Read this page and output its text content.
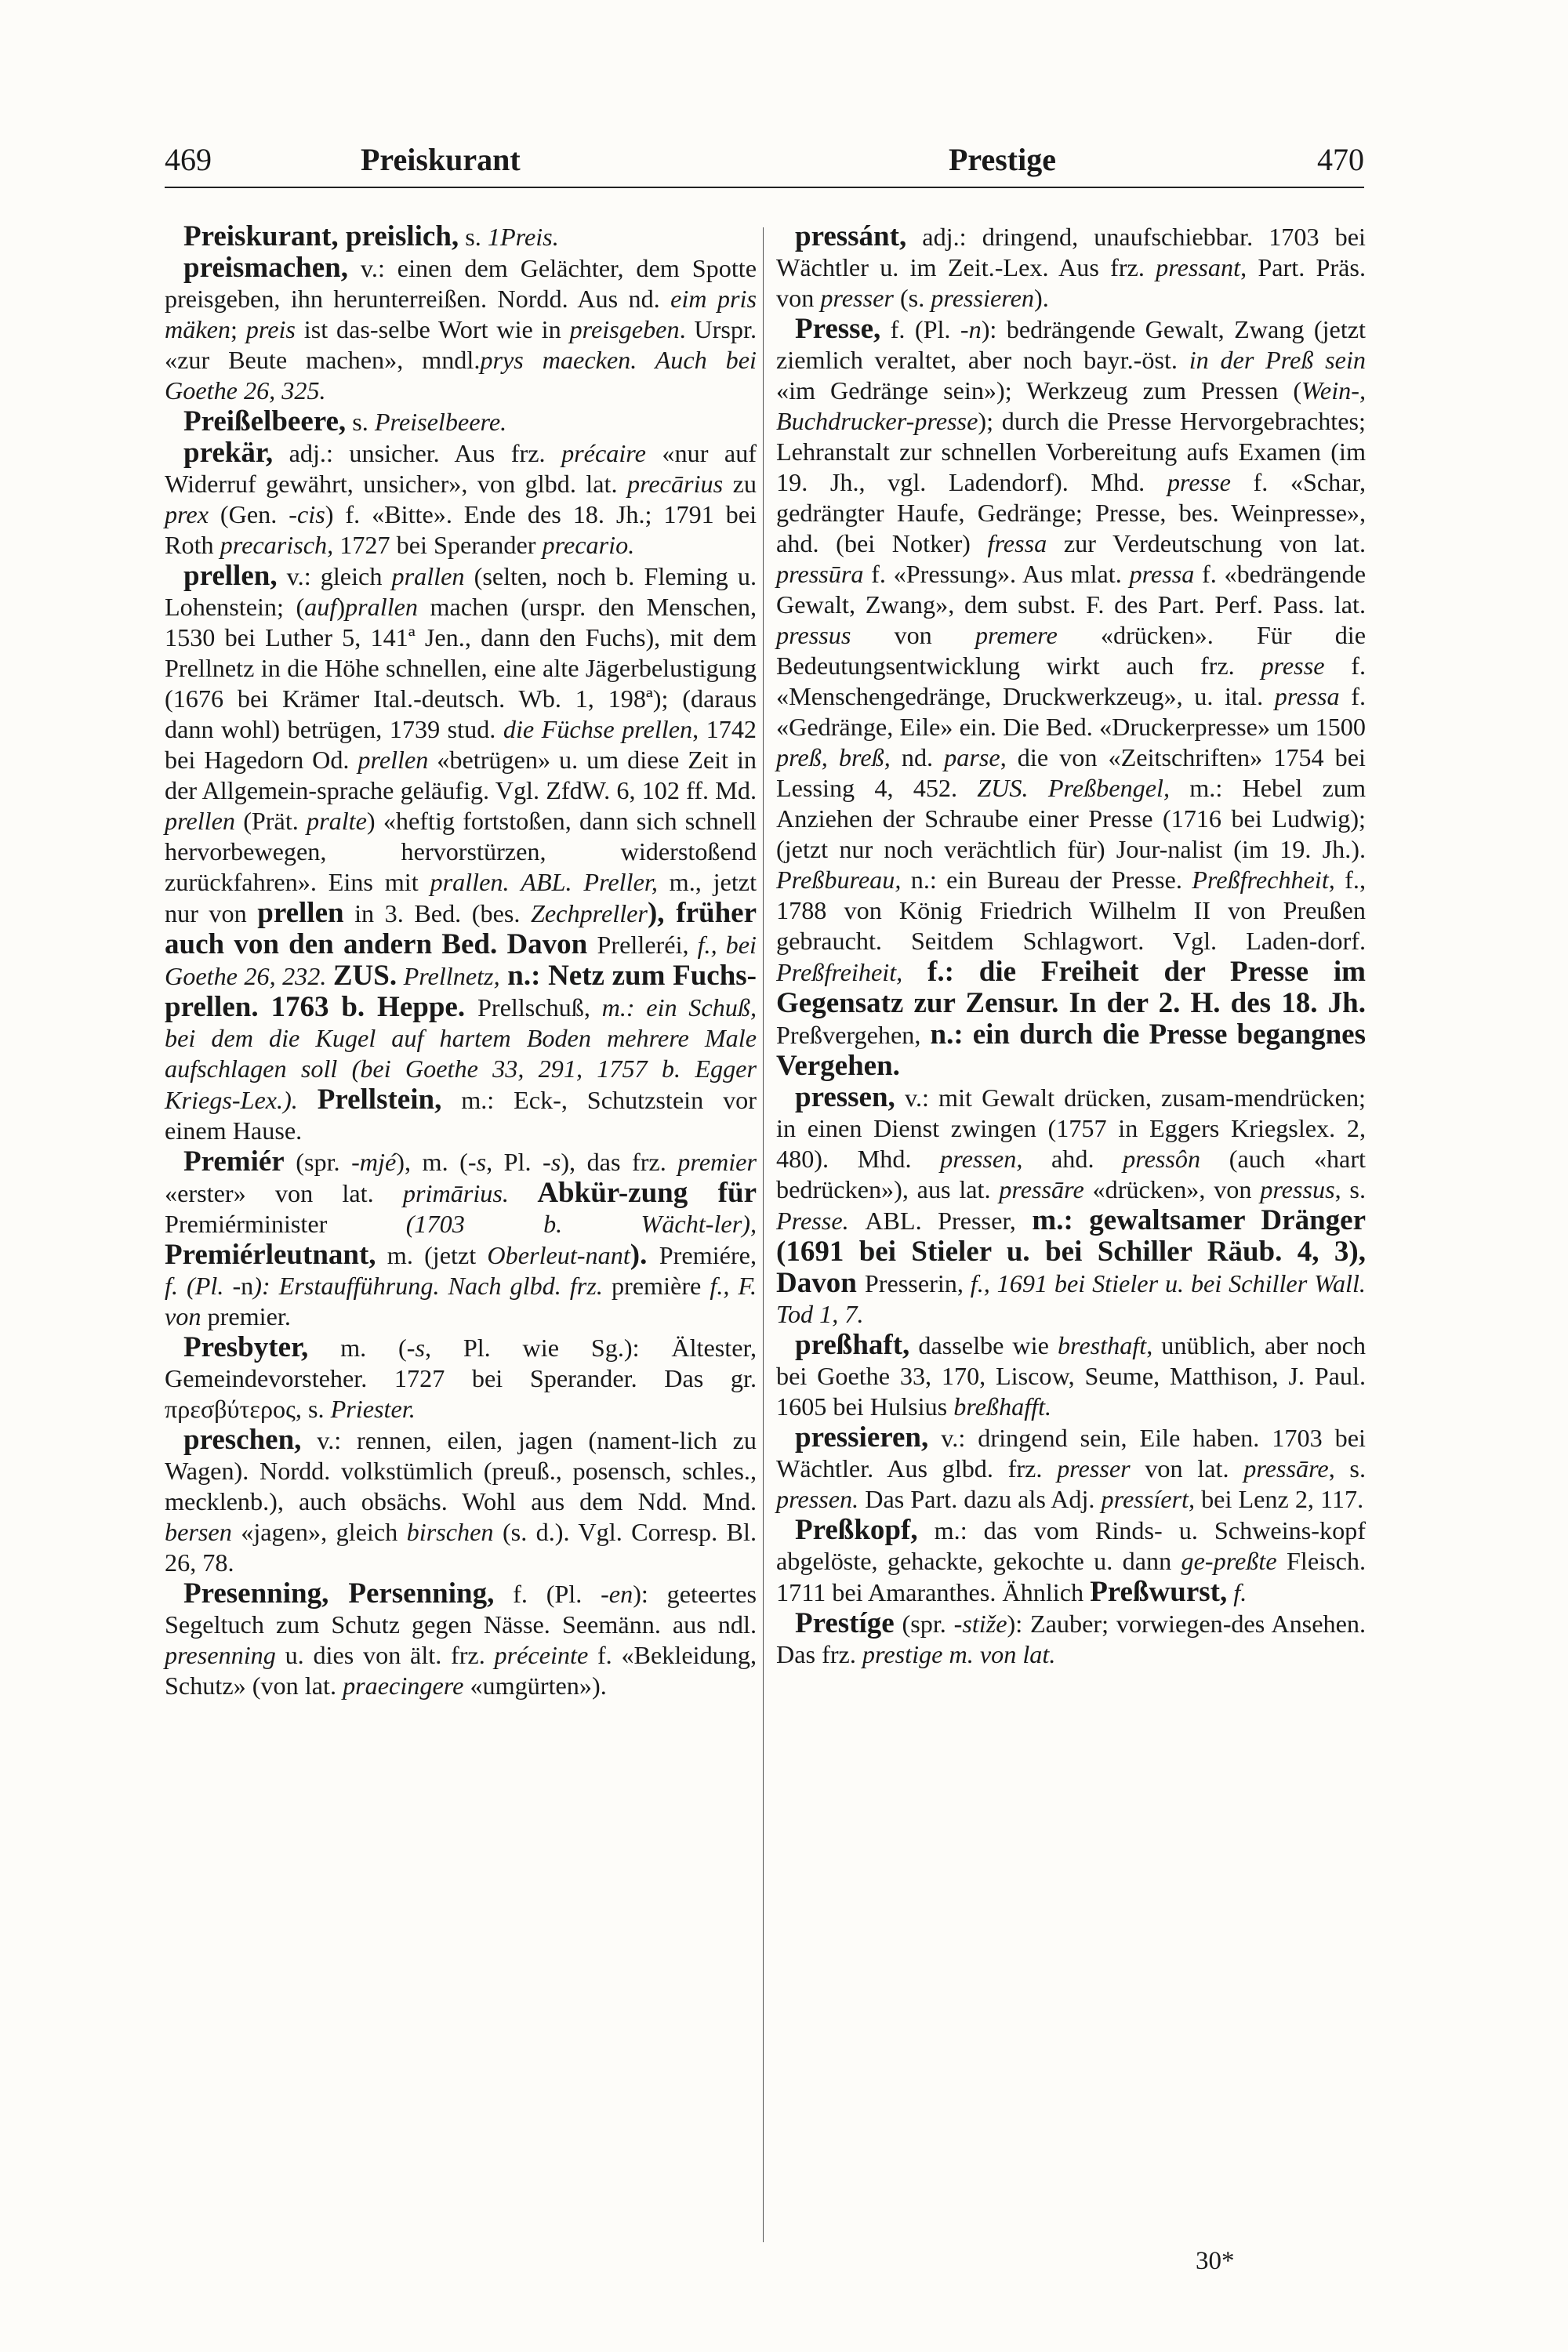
469	Preiskurant	Prestige	470

Preiskurant, preislich, s. 1Preis.

preismachen, v.: einen dem Gelächter, dem Spotte preisgeben, ihn herunterreißen. Nordd. Aus nd. eim pris mäken; preis ist das-selbe Wort wie in preisgeben. Urspr. «zur Beute machen», mndl.prys maecken. Auch bei Goethe 26, 325.

Preißelbeere, s. Preiselbeere.

prekär, adj.: unsicher. Aus frz. précaire «nur auf Widerruf gewährt, unsicher», von glbd. lat. precārius zu prex (Gen. -cis) f. «Bitte». Ende des 18. Jh.; 1791 bei Roth precarisch, 1727 bei Sperander precario.

prellen, v.: gleich prallen (selten, noch b. Fleming u. Lohenstein; (auf)prallen machen (urspr. den Menschen, 1530 bei Luther 5, 141ª Jen., dann den Fuchs), mit dem Prellnetz in die Höhe schnellen, eine alte Jägerbelustigung (1676 bei Krämer Ital.-deutsch. Wb. 1, 198ª); (daraus dann wohl) betrügen, 1739 stud. die Füchse prellen, 1742 bei Hagedorn Od. prellen «betrügen» u. um diese Zeit in der Allgemein-sprache geläufig. Vgl. ZfdW. 6, 102 ff. Md. prellen (Prät. pralte) «heftig fortstoßen, dann sich schnell hervorbewegen, hervorstürzen, widerstoßend zurückfahren». Eins mit prallen. ABL. Preller, m., jetzt nur von prellen in 3. Bed. (bes. Zechpreller), früher auch von den andern Bed. Davon Prelleréi, f., bei Goethe 26, 232. ZUS. Prellnetz, n.: Netz zum Fuchs-prellen. 1763 b. Heppe. Prellschuß, m.: ein Schuß, bei dem die Kugel auf hartem Boden mehrere Male aufschlagen soll (bei Goethe 33, 291, 1757 b. Egger Kriegs-Lex.). Prellstein, m.: Eck-, Schutzstein vor einem Hause.

Premiér (spr. -mjé), m. (-s, Pl. -s), das frz. premier «erster» von lat. primārius. Abkür-zung für Premiérminister (1703 b. Wächt-ler), Premiérleutnant, m. (jetzt Oberleut-nant). Premiére, f. (Pl. -n): Erstaufführung. Nach glbd. frz. première f., F. von premier.

Presbyter, m. (-s, Pl. wie Sg.): Ältester, Gemeindevorsteher. 1727 bei Sperander. Das gr. πρεσβύτερος, s. Priester.

preschen, v.: rennen, eilen, jagen (nament-lich zu Wagen). Nordd. volkstümlich (preuß., posensch, schles., mecklenb.), auch obsächs. Wohl aus dem Ndd. Mnd. bersen «jagen», gleich birschen (s. d.). Vgl. Corresp. Bl. 26, 78.

Presenning, Persenning, f. (Pl. -en): geteertes Segeltuch zum Schutz gegen Nässe. Seemänn. aus ndl. presenning u. dies von ält. frz. préceinte f. «Bekleidung, Schutz» (von lat. praecingere «umgürten»).

pressánt, adj.: dringend, unaufschiebbar. 1703 bei Wächtler u. im Zeit.-Lex. Aus frz. pressant, Part. Präs. von presser (s. pressieren).

Presse, f. (Pl. -n): bedrängende Gewalt, Zwang (jetzt ziemlich veraltet, aber noch bayr.-öst. in der Preß sein «im Gedränge sein»); Werkzeug zum Pressen (Wein-, Buchdrucker-presse); durch die Presse Hervorgebrachtes; Lehranstalt zur schnellen Vorbereitung aufs Examen (im 19. Jh., vgl. Ladendorf). Mhd. presse f. «Schar, gedrängter Haufe, Gedränge; Presse, bes. Weinpresse», ahd. (bei Notker) fressa zur Verdeutschung von lat. pressūra f. «Pressung». Aus mlat. pressa f. «bedrängende Gewalt, Zwang», dem subst. F. des Part. Perf. Pass. lat. pressus von premere «drücken». Für die Bedeutungsentwicklung wirkt auch frz. presse f. «Menschengedränge, Druckwerkzeug», u. ital. pressa f. «Gedränge, Eile» ein. Die Bed. «Druckerpresse» um 1500 preß, breß, nd. parse, die von «Zeitschriften» 1754 bei Lessing 4, 452. ZUS. Preßbengel, m.: Hebel zum Anziehen der Schraube einer Presse (1716 bei Ludwig); (jetzt nur noch verächtlich für) Jour-nalist (im 19. Jh.). Preßbureau, n.: ein Bureau der Presse. Preßfrechheit, f., 1788 von König Friedrich Wilhelm II von Preußen gebraucht. Seitdem Schlagwort. Vgl. Laden-dorf. Preßfreiheit, f.: die Freiheit der Presse im Gegensatz zur Zensur. In der 2. H. des 18. Jh. Preßvergehen, n.: ein durch die Presse begangnes Vergehen.

pressen, v.: mit Gewalt drücken, zusam-mendrücken; in einen Dienst zwingen (1757 in Eggers Kriegslex. 2, 480). Mhd. pressen, ahd. pressôn (auch «hart bedrücken»), aus lat. pressāre «drücken», von pressus, s. Presse. ABL. Presser, m.: gewaltsamer Dränger (1691 bei Stieler u. bei Schiller Räub. 4, 3), Davon Presserin, f., 1691 bei Stieler u. bei Schiller Wall. Tod 1, 7.

preßhaft, dasselbe wie bresthaft, unüblich, aber noch bei Goethe 33, 170, Liscow, Seume, Matthison, J. Paul. 1605 bei Hulsius breßhafft.

pressieren, v.: dringend sein, Eile haben. 1703 bei Wächtler. Aus glbd. frz. presser von lat. pressāre, s. pressen. Das Part. dazu als Adj. pressíert, bei Lenz 2, 117.

Preßkopf, m.: das vom Rinds- u. Schweins-kopf abgelöste, gehackte, gekochte u. dann ge-preßte Fleisch. 1711 bei Amaranthes. Ähnlich Preßwurst, f.

Prestíge (spr. -stiže): Zauber; vorwiegen-des Ansehen. Das frz. prestige m. von lat.

30*
